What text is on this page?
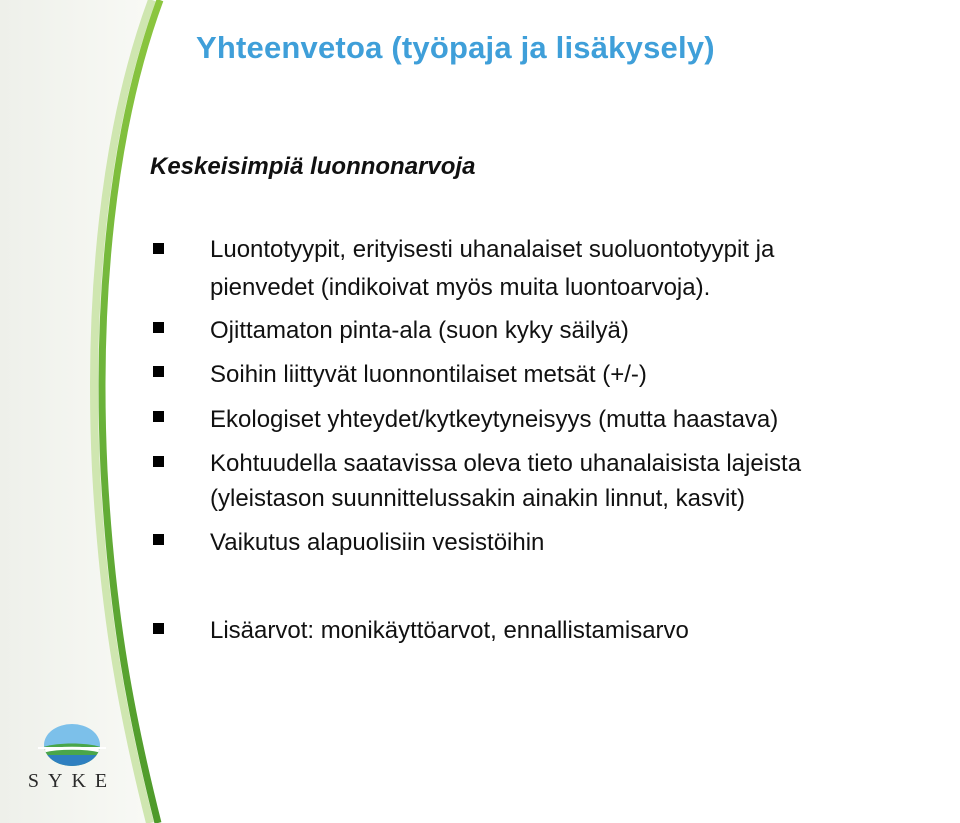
Yhteenvetoa (työpaja ja lisäkysely)
Keskeisimpiä luonnonarvoja
Luontotyypit, erityisesti uhanalaiset suoluontotyypit ja
pienvedet (indikoivat myös muita luontoarvoja).
Ojittamaton pinta-ala (suon kyky säilyä)
Soihin liittyvät luonnontilaiset metsät (+/-)
Ekologiset yhteydet/kytkeytyneisyys (mutta haastava)
Kohtuudella saatavissa oleva tieto uhanalaisista lajeista
(yleistason suunnittelussakin ainakin linnut, kasvit)
Vaikutus alapuolisiin vesistöihin
Lisäarvot: monikäyttöarvot, ennallistamisarvo
SYKE
